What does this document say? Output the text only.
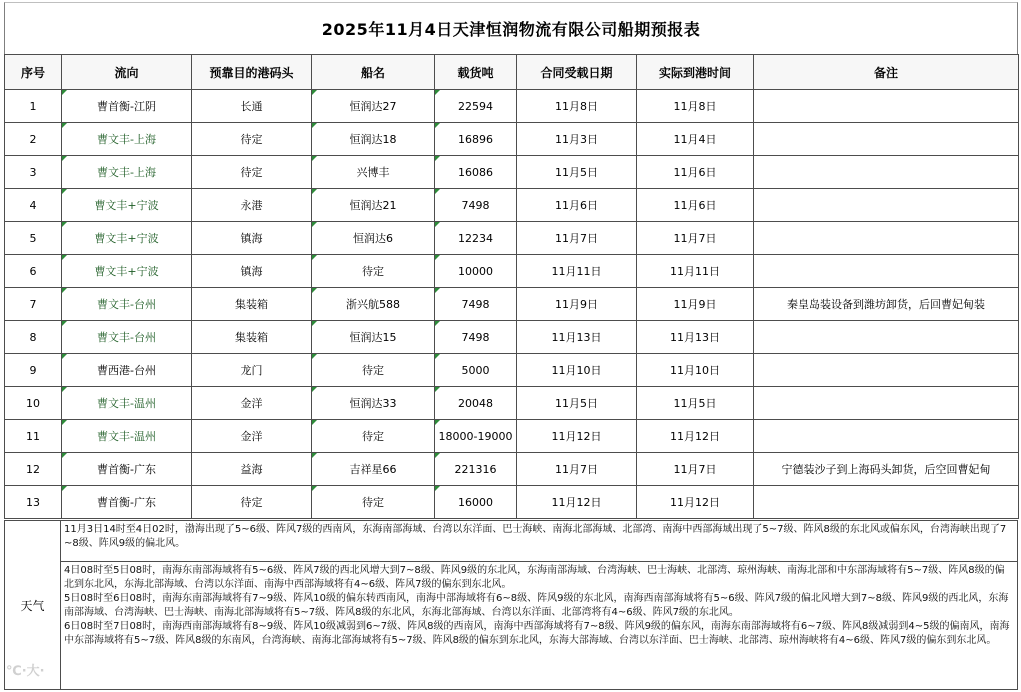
2025年11月4日天津恒润物流有限公司船期预报表
序号	流向	预靠目的港码头	船名	载货吨	合同受载日期	实际到港时间	备注
1	曹首衡-江阴	长通	恒润达27	22594	11月8日	11月8日	
2	曹文丰-上海	待定	恒润达18	16896	11月3日	11月4日	
3	曹文丰-上海	待定	兴博丰	16086	11月5日	11月6日	
4	曹文丰+宁波	永港	恒润达21	7498	11月6日	11月6日	
5	曹文丰+宁波	镇海	恒润达6	12234	11月7日	11月7日	
6	曹文丰+宁波	镇海	待定	10000	11月11日	11月11日	
7	曹文丰-台州	集装箱	浙兴航588	7498	11月9日	11月9日	秦皇岛装设备到潍坊卸货，后回曹妃甸装
8	曹文丰-台州	集装箱	恒润达15	7498	11月13日	11月13日	
9	曹西港-台州	龙门	待定	5000	11月10日	11月10日	
10	曹文丰-温州	金洋	恒润达33	20048	11月5日	11月5日	
11	曹文丰-温州	金洋	待定	18000-19000	11月12日	11月12日	
12	曹首衡-广东	益海	吉祥星66	221316	11月7日	11月7日	宁德装沙子到上海码头卸货，后空回曹妃甸
13	曹首衡-广东	待定	待定	16000	11月12日	11月12日	
天气

11月3日14时至4日02时，渤海出现了5~6级、阵风7级的西南风，东海南部海域、台湾以东洋面、巴士海峡、南海北部海域、北部湾、南海中西部海域出现了5~7级、阵风8级的东北风或偏东风，台湾海峡出现了7~8级、阵风9级的偏北风。

4日08时至5日08时，南海东南部海域将有5~6级、阵风7级的西北风增大到7~8级、阵风9级的东北风，东海南部海域、台湾海峡、巴士海峡、北部湾、琼州海峡、南海北部和中东部海域将有5~7级、阵风8级的偏北到东北风，东海北部海域、台湾以东洋面、南海中西部海域将有4~6级、阵风7级的偏东到东北风。

5日08时至6日08时，南海东南部海域将有7~9级、阵风10级的偏东转西南风，南海中部海域将有6~8级、阵风9级的东北风，南海西南部海域将有5~6级、阵风7级的偏北风增大到7~8级、阵风9级的西北风，东海南部海域、台湾海峡、巴士海峡、南海北部海域将有5~7级、阵风8级的东北风，东海北部海域、台湾以东洋面、北部湾将有4~6级、阵风7级的东北风。

6日08时至7日08时，南海西南部海域将有8~9级、阵风10级减弱到6~7级、阵风8级的西南风，南海中西部海域将有7~8级、阵风9级的偏东风，南海东南部海域将有6~7级、阵风8级减弱到4~5级的偏南风，南海中东部海域将有5~7级、阵风8级的东南风，台湾海峡、南海北部海域将有5~7级、阵风8级的偏东到东北风，东海大部海域、台湾以东洋面、巴士海峡、北部湾、琼州海峡将有4~6级、阵风7级的偏东到东北风。

℃·大·
